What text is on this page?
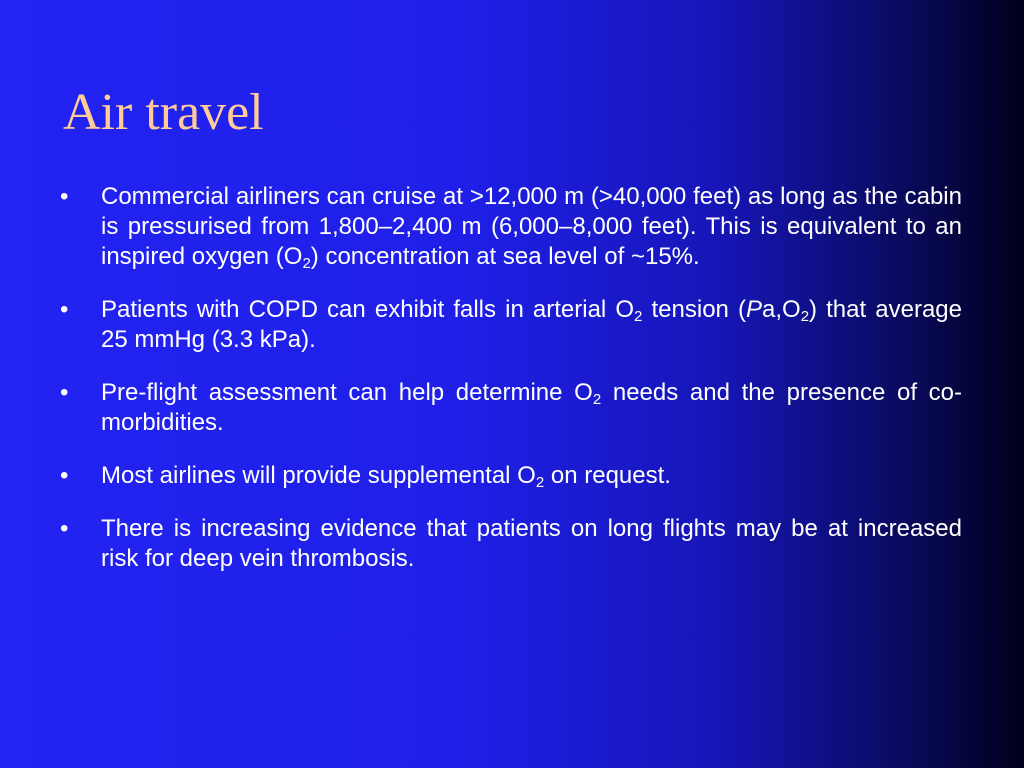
Air travel
•	Commercial airliners can cruise at >12,000 m (>40,000 feet) as long as the cabin is pressurised from 1,800–2,400 m (6,000–8,000 feet). This is equivalent to an inspired oxygen $(O_2)$ concentration at sea level of ~15%.
•	Patients with COPD can exhibit falls in arterial $O_2$ tension $(Pa,O_2)$ that average 25 mmHg (3.3 kPa).
•	Pre-flight assessment can help determine $O_2$ needs and the presence of co-morbidities.
•	Most airlines will provide supplemental $O_2$ on request.
•	There is increasing evidence that patients on long flights may be at increased risk for deep vein thrombosis.
